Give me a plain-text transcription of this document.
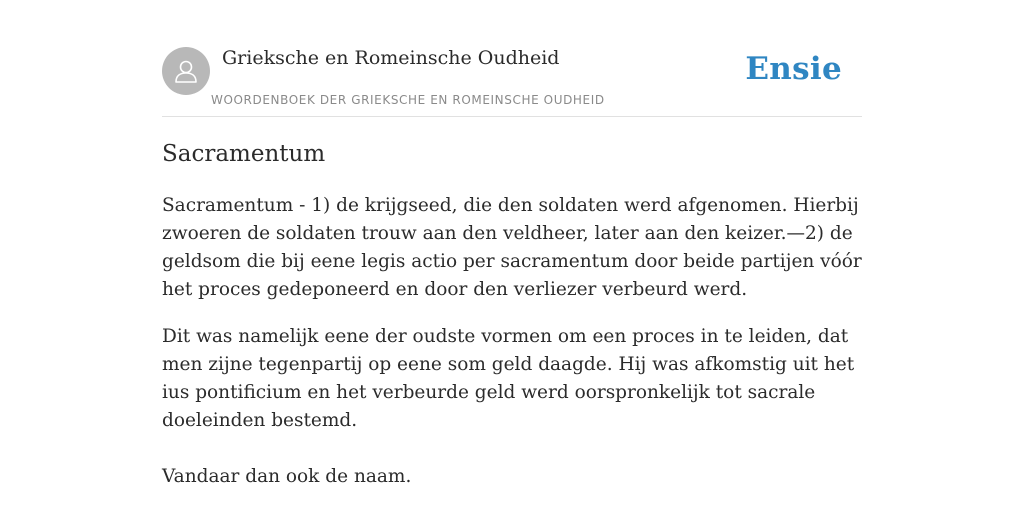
Grieksche en Romeinsche Oudheid
WOORDENBOEK DER GRIEKSCHE EN ROMEINSCHE OUDHEID
Ensie
Sacramentum

Sacramentum - 1) de krijgseed, die den soldaten werd afgenomen. Hierbij zwoeren de soldaten trouw aan den veldheer, later aan den keizer.—2) de geldsom die bij eene legis actio per sacramentum door beide partijen vóór het proces gedeponeerd en door den verliezer verbeurd werd.

Dit was namelijk eene der oudste vormen om een proces in te leiden, dat men zijne tegenpartij op eene som geld daagde. Hij was afkomstig uit het ius pontificium en het verbeurde geld werd oorspronkelijk tot sacrale doeleinden bestemd.

Vandaar dan ook de naam.
